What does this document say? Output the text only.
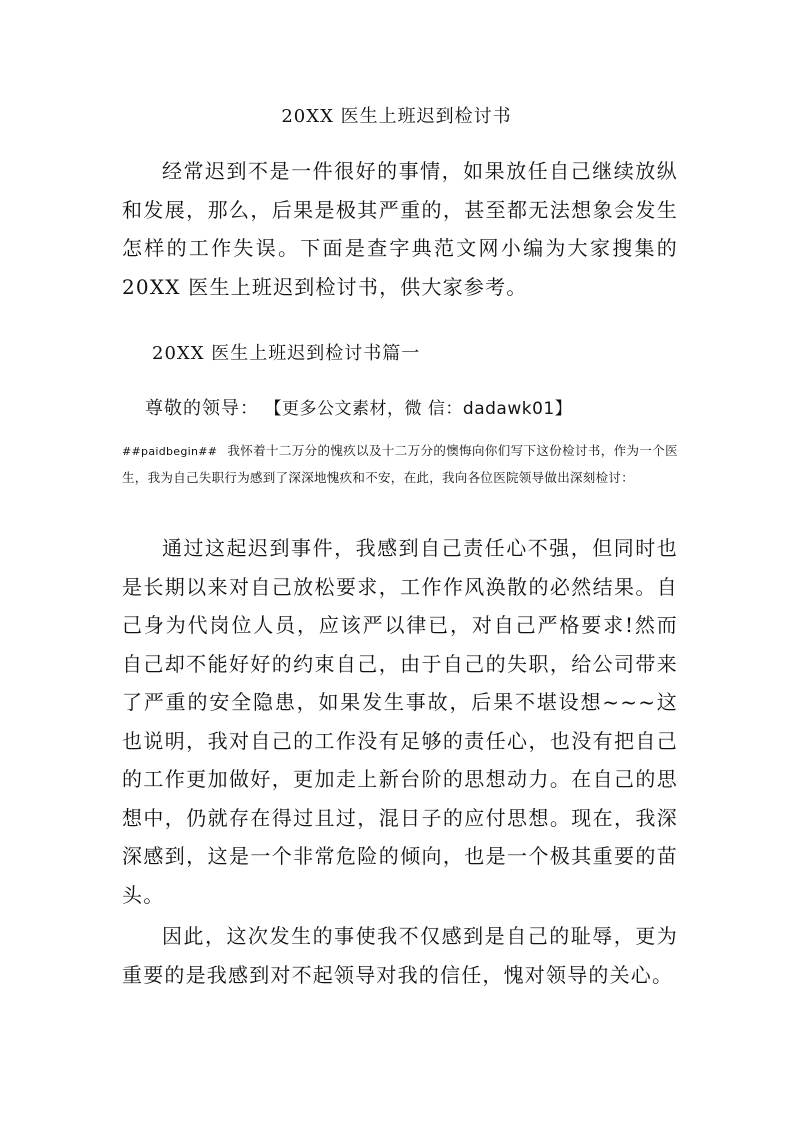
20XX 医生上班迟到检讨书

经常迟到不是一件很好的事情，如果放任自己继续放纵和发展，那么，后果是极其严重的，甚至都无法想象会发生怎样的工作失误。下面是查字典范文网小编为大家搜集的 20XX 医生上班迟到检讨书，供大家参考。

20XX 医生上班迟到检讨书篇一
尊敬的领导： 【更多公文素材，微 信：dadawk01】

##paidbegin## 我怀着十二万分的愧疚以及十二万分的懊悔向你们写下这份检讨书，作为一个医生，我为自己失职行为感到了深深地愧疚和不安，在此，我向各位医院领导做出深刻检讨：

通过这起迟到事件，我感到自己责任心不强，但同时也是长期以来对自己放松要求，工作作风涣散的必然结果。自己身为代岗位人员，应该严以律已，对自己严格要求!然而自己却不能好好的约束自己，由于自己的失职，给公司带来了严重的安全隐患，如果发生事故，后果不堪设想~~~这也说明，我对自己的工作没有足够的责任心，也没有把自己的工作更加做好，更加走上新台阶的思想动力。在自己的思想中，仍就存在得过且过，混日子的应付思想。现在，我深深感到，这是一个非常危险的倾向，也是一个极其重要的苗头。

因此，这次发生的事使我不仅感到是自己的耻辱，更为重要的是我感到对不起领导对我的信任，愧对领导的关心。
